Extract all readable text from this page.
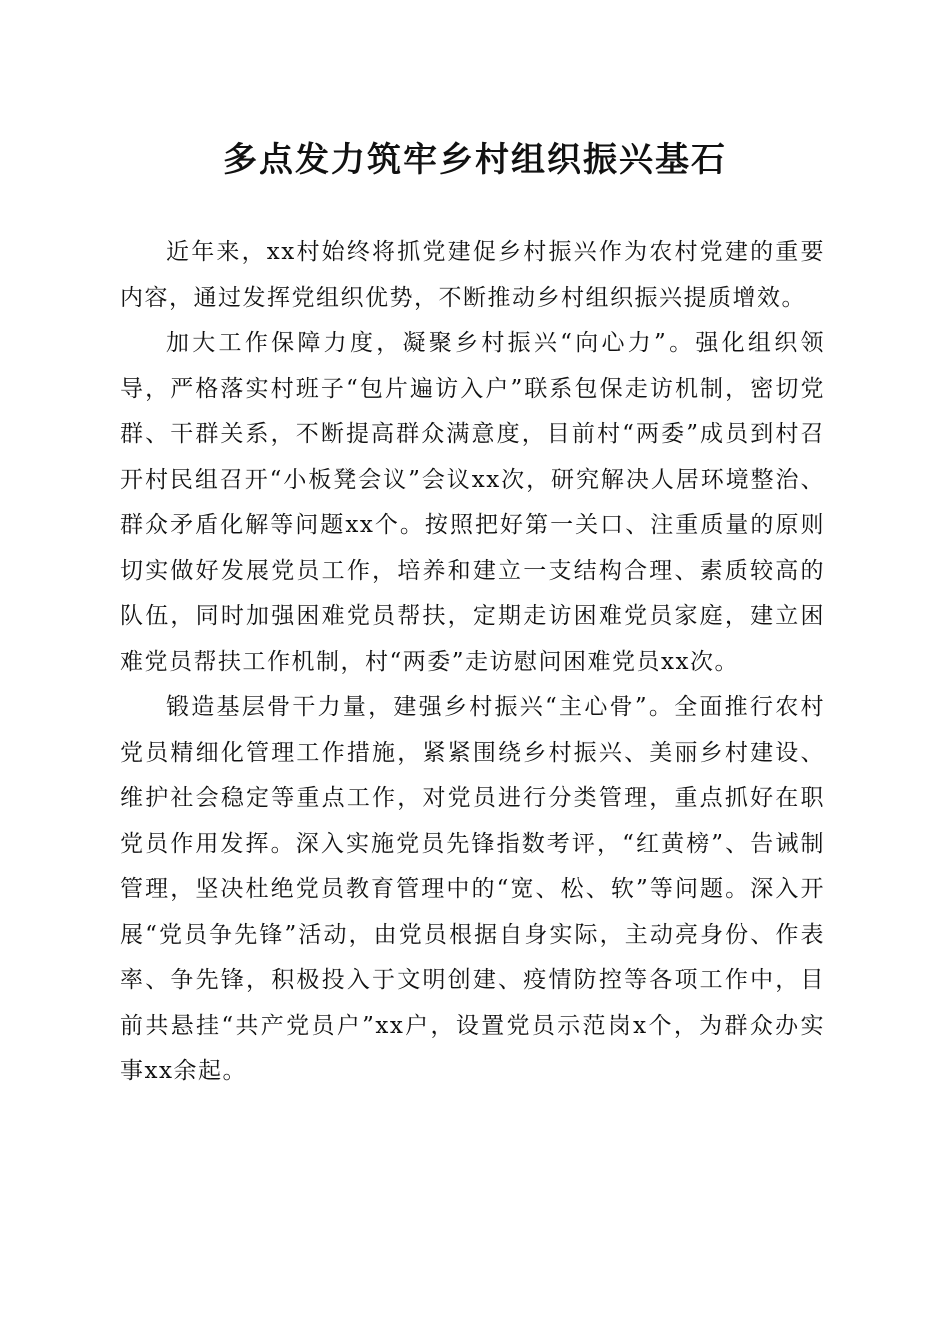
多点发力筑牢乡村组织振兴基石

近年来，xx村始终将抓党建促乡村振兴作为农村党建的重要内容，通过发挥党组织优势，不断推动乡村组织振兴提质增效。

加大工作保障力度，凝聚乡村振兴“向心力”。强化组织领导，严格落实村班子“包片遍访入户”联系包保走访机制，密切党群、干群关系，不断提高群众满意度，目前村“两委”成员到村召开村民组召开“小板凳会议”会议xx次，研究解决人居环境整治、群众矛盾化解等问题xx个。按照把好第一关口、注重质量的原则切实做好发展党员工作，培养和建立一支结构合理、素质较高的队伍，同时加强困难党员帮扶，定期走访困难党员家庭，建立困难党员帮扶工作机制，村“两委”走访慰问困难党员xx次。

锻造基层骨干力量，建强乡村振兴“主心骨”。全面推行农村党员精细化管理工作措施，紧紧围绕乡村振兴、美丽乡村建设、维护社会稳定等重点工作，对党员进行分类管理，重点抓好在职党员作用发挥。深入实施党员先锋指数考评，“红黄榜”、告诫制管理，坚决杜绝党员教育管理中的“宽、松、软”等问题。深入开展“党员争先锋”活动，由党员根据自身实际，主动亮身份、作表率、争先锋，积极投入于文明创建、疫情防控等各项工作中，目前共悬挂“共产党员户”xx户，设置党员示范岗x个，为群众办实事xx余起。
